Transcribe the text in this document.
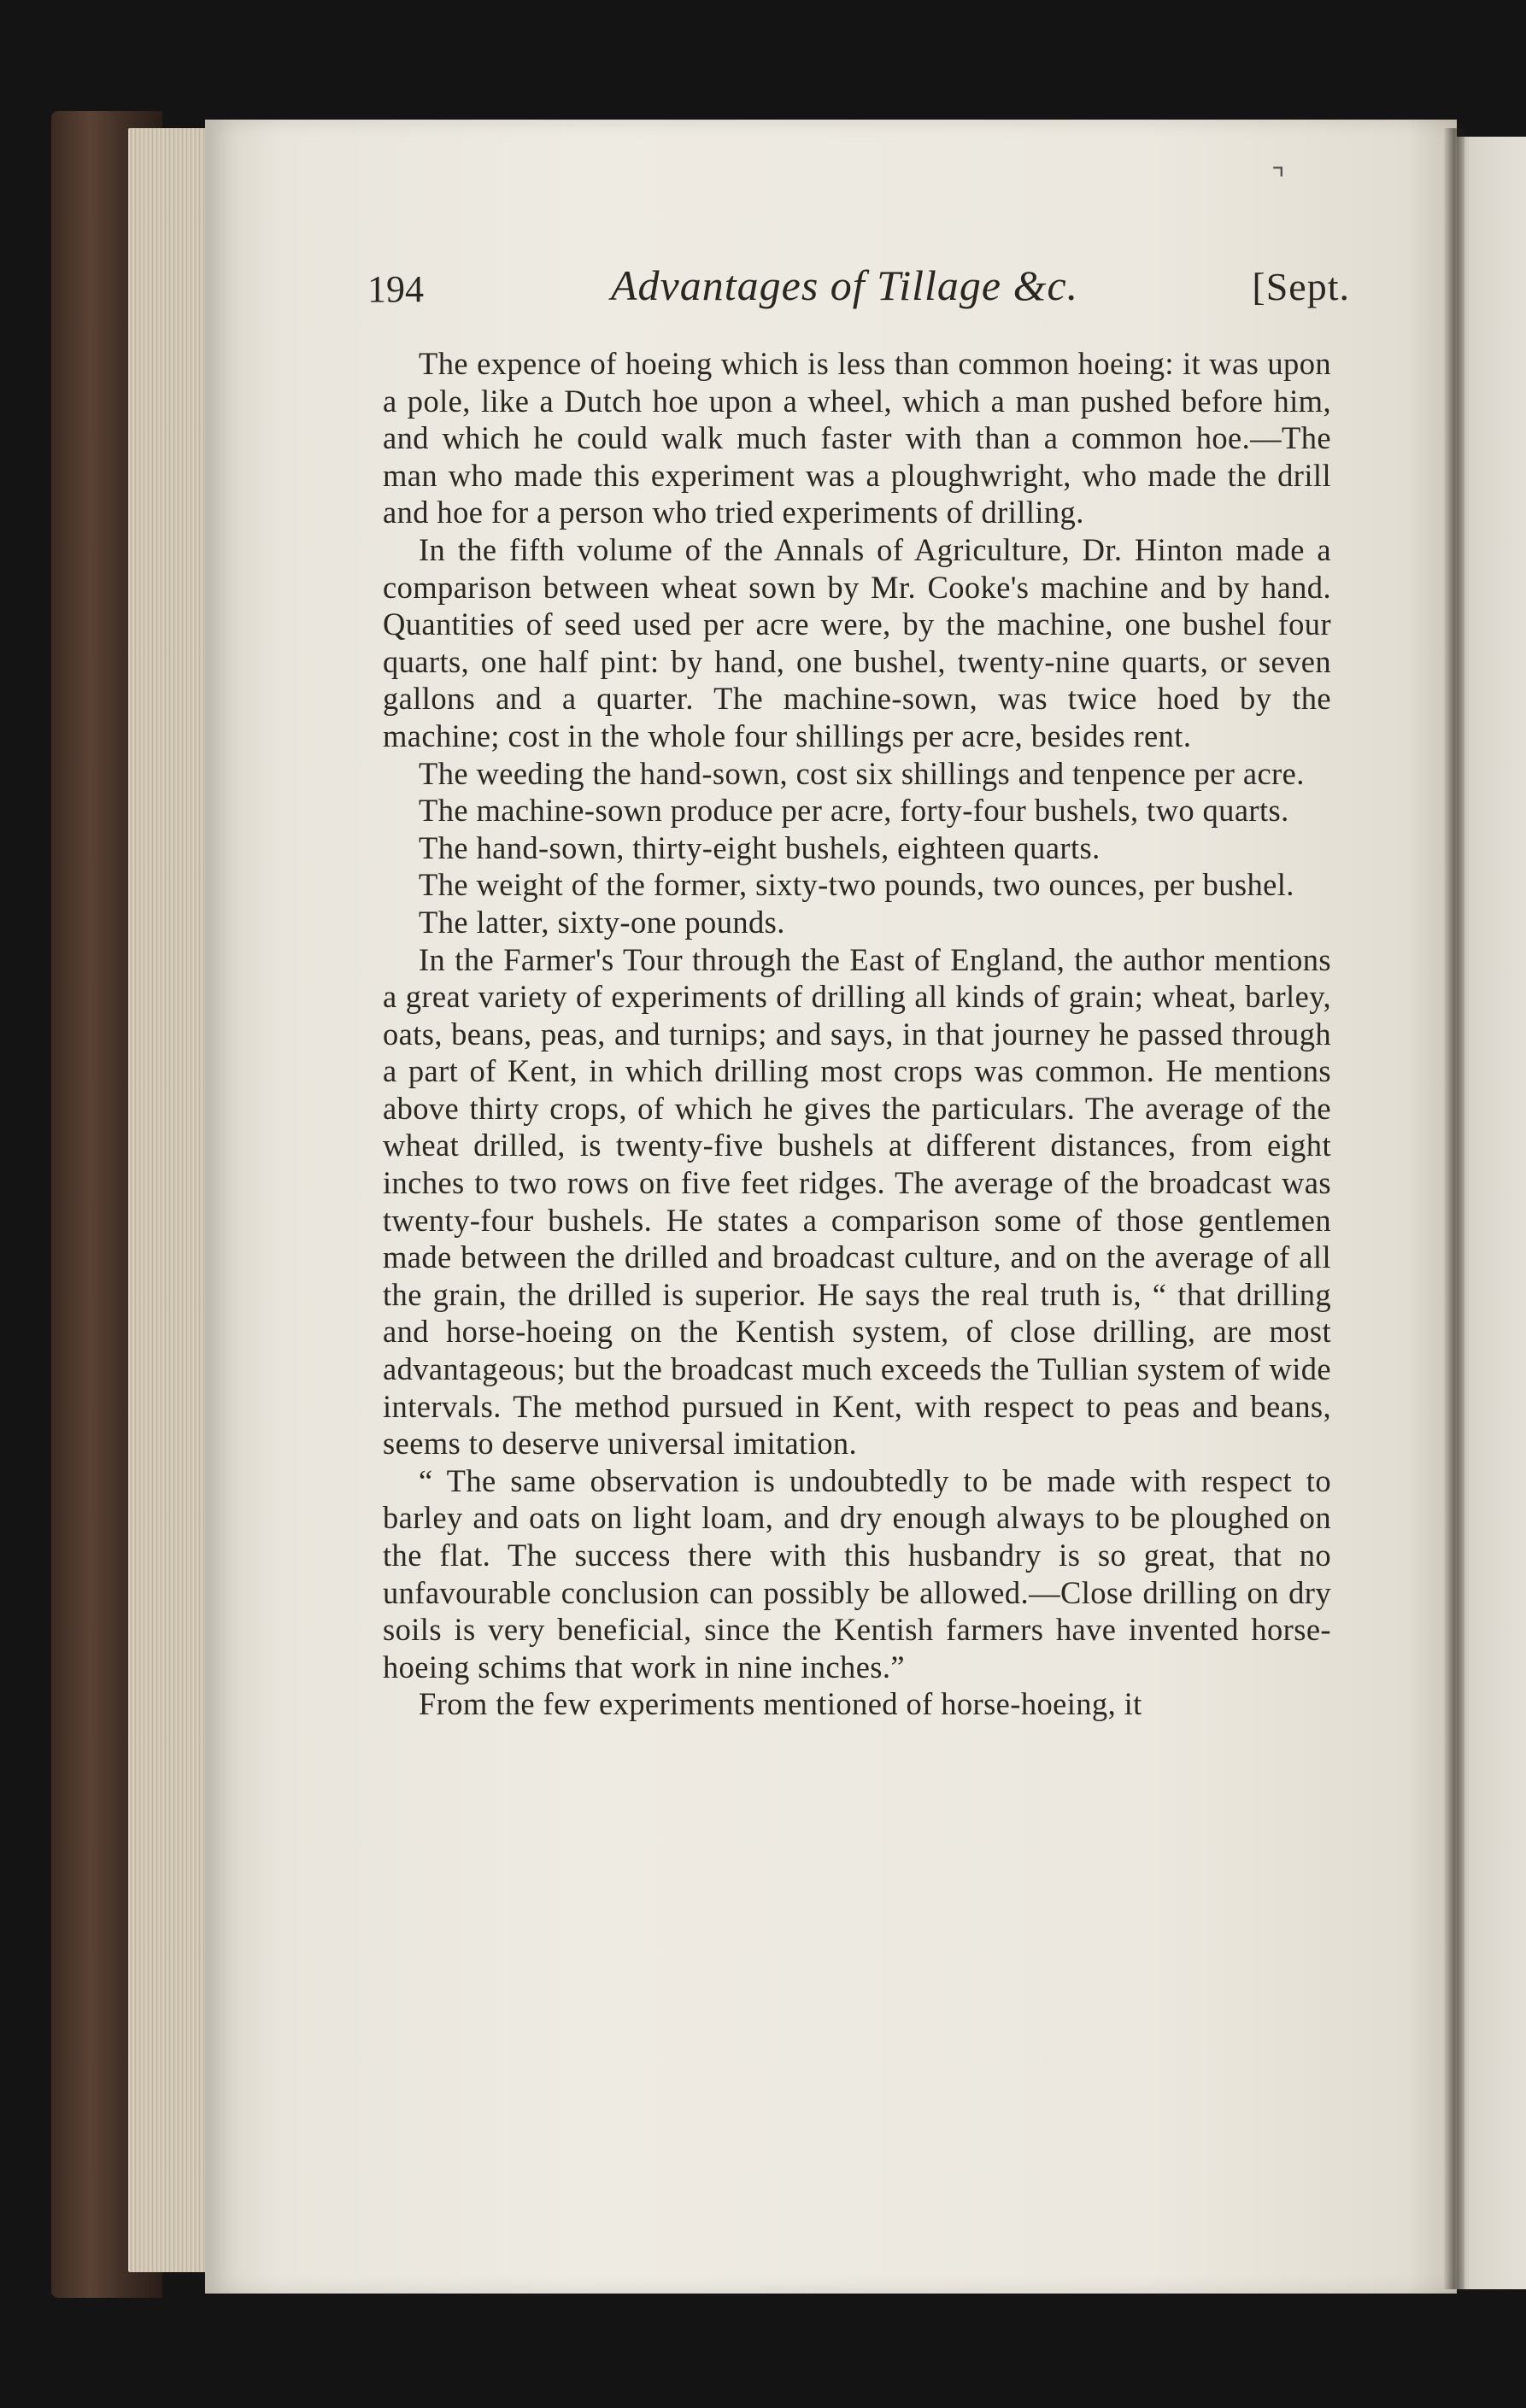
⌝
194	Advantages of Tillage &c.	[Sept.

The expence of hoeing which is less than common hoeing: it was upon a pole, like a Dutch hoe upon a wheel, which a man pushed before him, and which he could walk much faster with than a common hoe.—The man who made this experiment was a ploughwright, who made the drill and hoe for a person who tried experiments of drilling.

In the fifth volume of the Annals of Agriculture, Dr. Hinton made a comparison between wheat sown by Mr. Cooke's machine and by hand. Quantities of seed used per acre were, by the machine, one bushel four quarts, one half pint: by hand, one bushel, twenty-nine quarts, or seven gallons and a quarter. The machine-sown, was twice hoed by the machine; cost in the whole four shillings per acre, besides rent.

The weeding the hand-sown, cost six shillings and tenpence per acre.

The machine-sown produce per acre, forty-four bushels, two quarts.

The hand-sown, thirty-eight bushels, eighteen quarts.

The weight of the former, sixty-two pounds, two ounces, per bushel.

The latter, sixty-one pounds.

In the Farmer's Tour through the East of England, the author mentions a great variety of experiments of drilling all kinds of grain; wheat, barley, oats, beans, peas, and turnips; and says, in that journey he passed through a part of Kent, in which drilling most crops was common. He mentions above thirty crops, of which he gives the particulars. The average of the wheat drilled, is twenty-five bushels at different distances, from eight inches to two rows on five feet ridges. The average of the broadcast was twenty-four bushels. He states a comparison some of those gentlemen made between the drilled and broadcast culture, and on the average of all the grain, the drilled is superior. He says the real truth is, “ that drilling and horse-hoeing on the Kentish system, of close drilling, are most advantageous; but the broadcast much exceeds the Tullian system of wide intervals. The method pursued in Kent, with respect to peas and beans, seems to deserve universal imitation.

“ The same observation is undoubtedly to be made with respect to barley and oats on light loam, and dry enough always to be ploughed on the flat. The success there with this husbandry is so great, that no unfavourable conclusion can possibly be allowed.—Close drilling on dry soils is very beneficial, since the Kentish farmers have invented horse-hoeing schims that work in nine inches.”

From the few experiments mentioned of horse-hoeing, it
